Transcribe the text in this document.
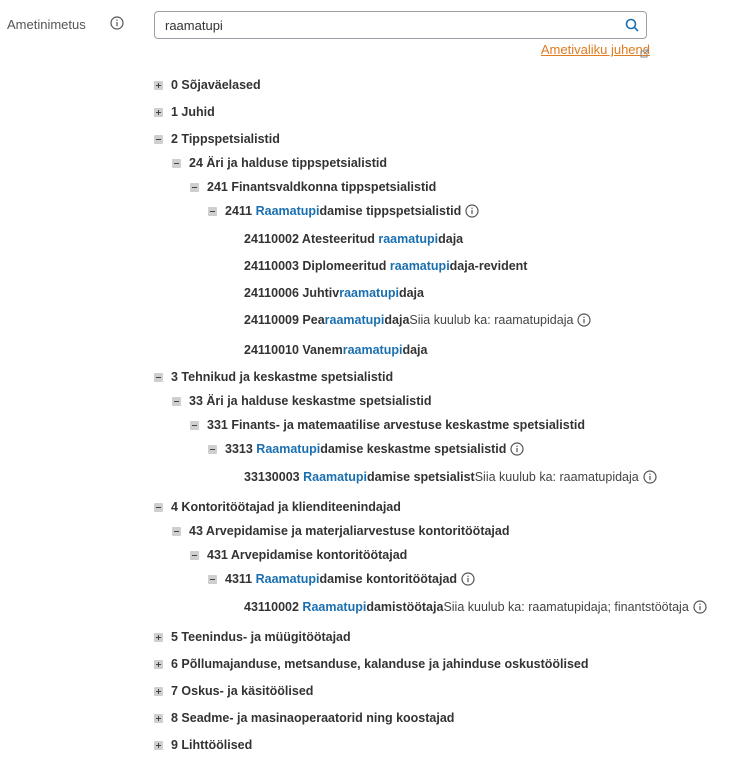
Ametinimetus
raamatupi
Ametivaliku juhend
0 Sõjaväelased
1 Juhid
2 Tippspetsialistid
24 Äri ja halduse tippspetsialistid
241 Finantsvaldkonna tippspetsialistid
2411
Raamatupi damise tippspetsialistid
24110002 Atesteeritud
raamatupi daja
24110003 Diplomeeritud
raamatupi daja-revident
24110006 Juhtiv raamatupi daja
24110009 Pea raamatupi daja Siia kuulub ka:
raamatupi daja
24110010 Vanem raamatupi daja
3 Tehnikud ja keskastme spetsialistid
33 Äri ja halduse keskastme spetsialistid
331 Finants- ja matemaatilise arvestuse keskastme spetsialistid
3313
Raamatupi damise keskastme spetsialistid
33130003
Raamatupi damise spetsialist Siia kuulub ka:
raamatupi daja
4 Kontoritöötajad ja klienditeenindajad
43 Arvepidamise ja materjaliarvestuse kontoritöötajad
431 Arvepidamise kontoritöötajad
4311
Raamatupi damise kontoritöötajad
43110002
Raamatupi damistöötaja Siia kuulub ka:
raamatupi daja; finantstöötaja
5 Teenindus- ja müügitöötajad
6 Põllumajanduse, metsanduse, kalanduse ja jahinduse oskustöölised
7 Oskus- ja käsitöölised
8 Seadme- ja masinaoperaatorid ning koostajad
9 Lihttöölised
